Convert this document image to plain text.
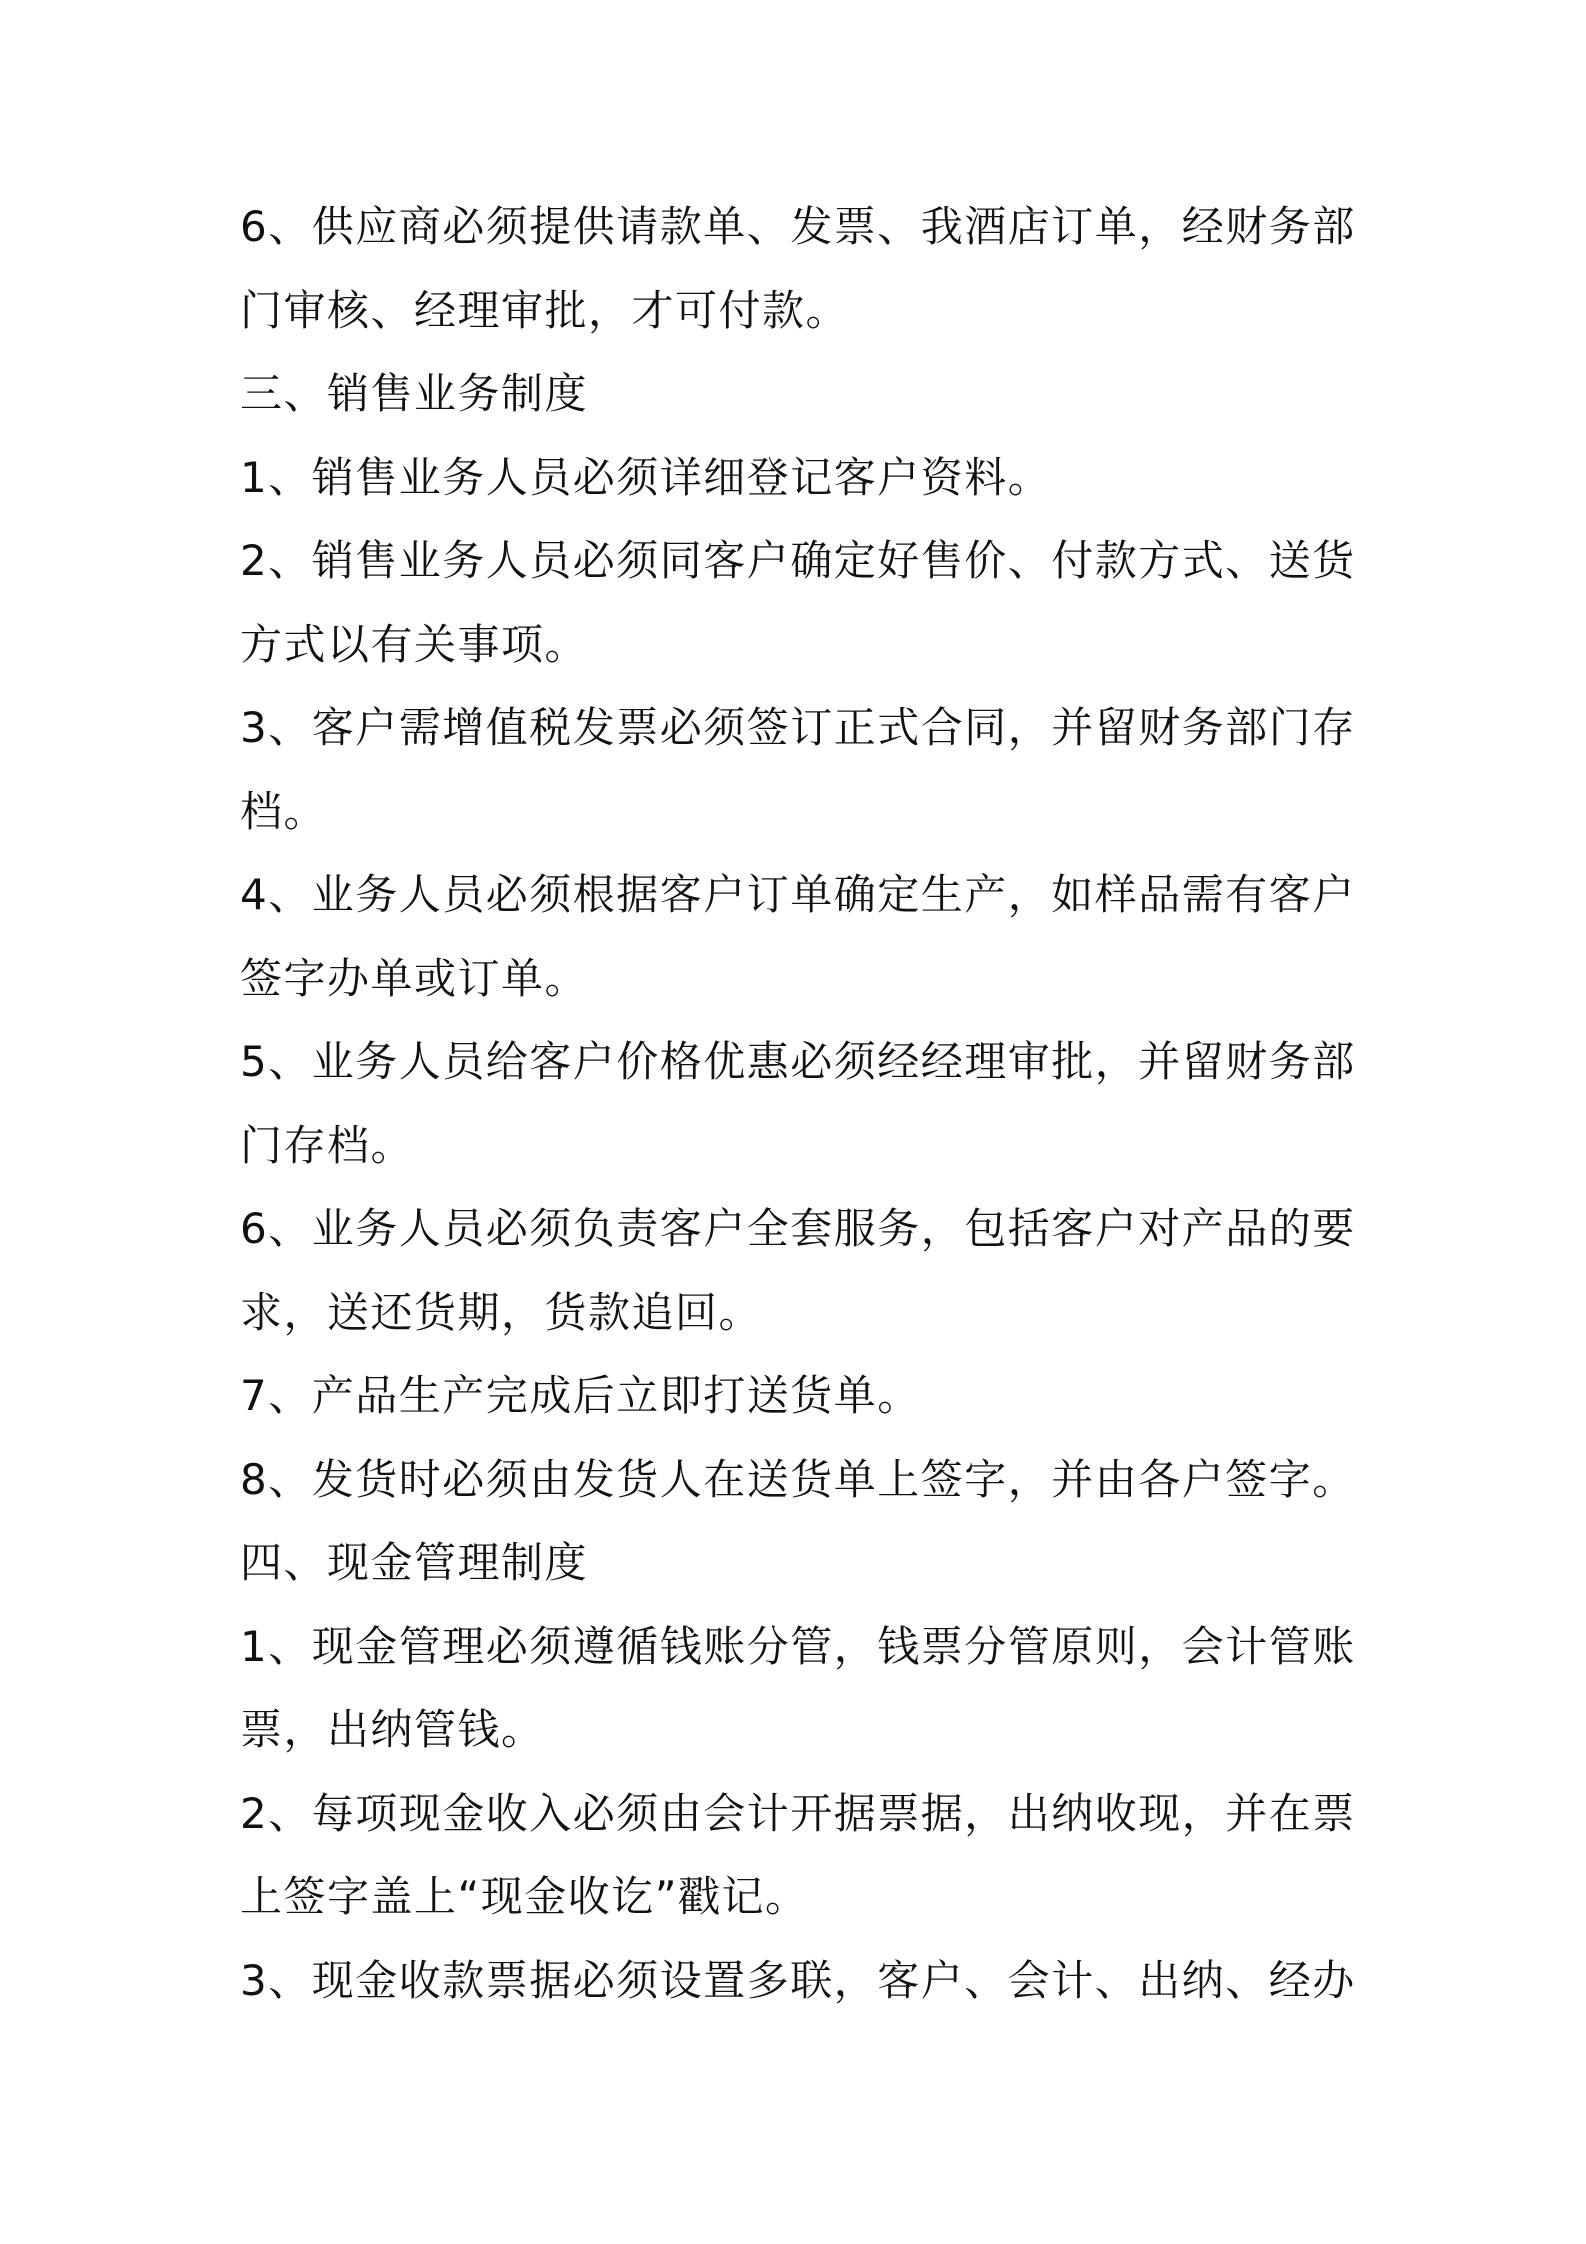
6、供应商必须提供请款单、发票、我酒店订单，经财务部
门审核、经理审批，才可付款。
三、销售业务制度
1、销售业务人员必须详细登记客户资料。
2、销售业务人员必须同客户确定好售价、付款方式、送货
方式以有关事项。
3、客户需增值税发票必须签订正式合同，并留财务部门存
档。
4、业务人员必须根据客户订单确定生产，如样品需有客户
签字办单或订单。
5、业务人员给客户价格优惠必须经经理审批，并留财务部
门存档。
6、业务人员必须负责客户全套服务，包括客户对产品的要
求，送还货期，货款追回。
7、产品生产完成后立即打送货单。
8、发货时必须由发货人在送货单上签字，并由各户签字。
四、现金管理制度
1、现金管理必须遵循钱账分管，钱票分管原则，会计管账
票，出纳管钱。
2、每项现金收入必须由会计开据票据，出纳收现，并在票
上签字盖上“现金收讫”戳记。
3、现金收款票据必须设置多联，客户、会计、出纳、经办
